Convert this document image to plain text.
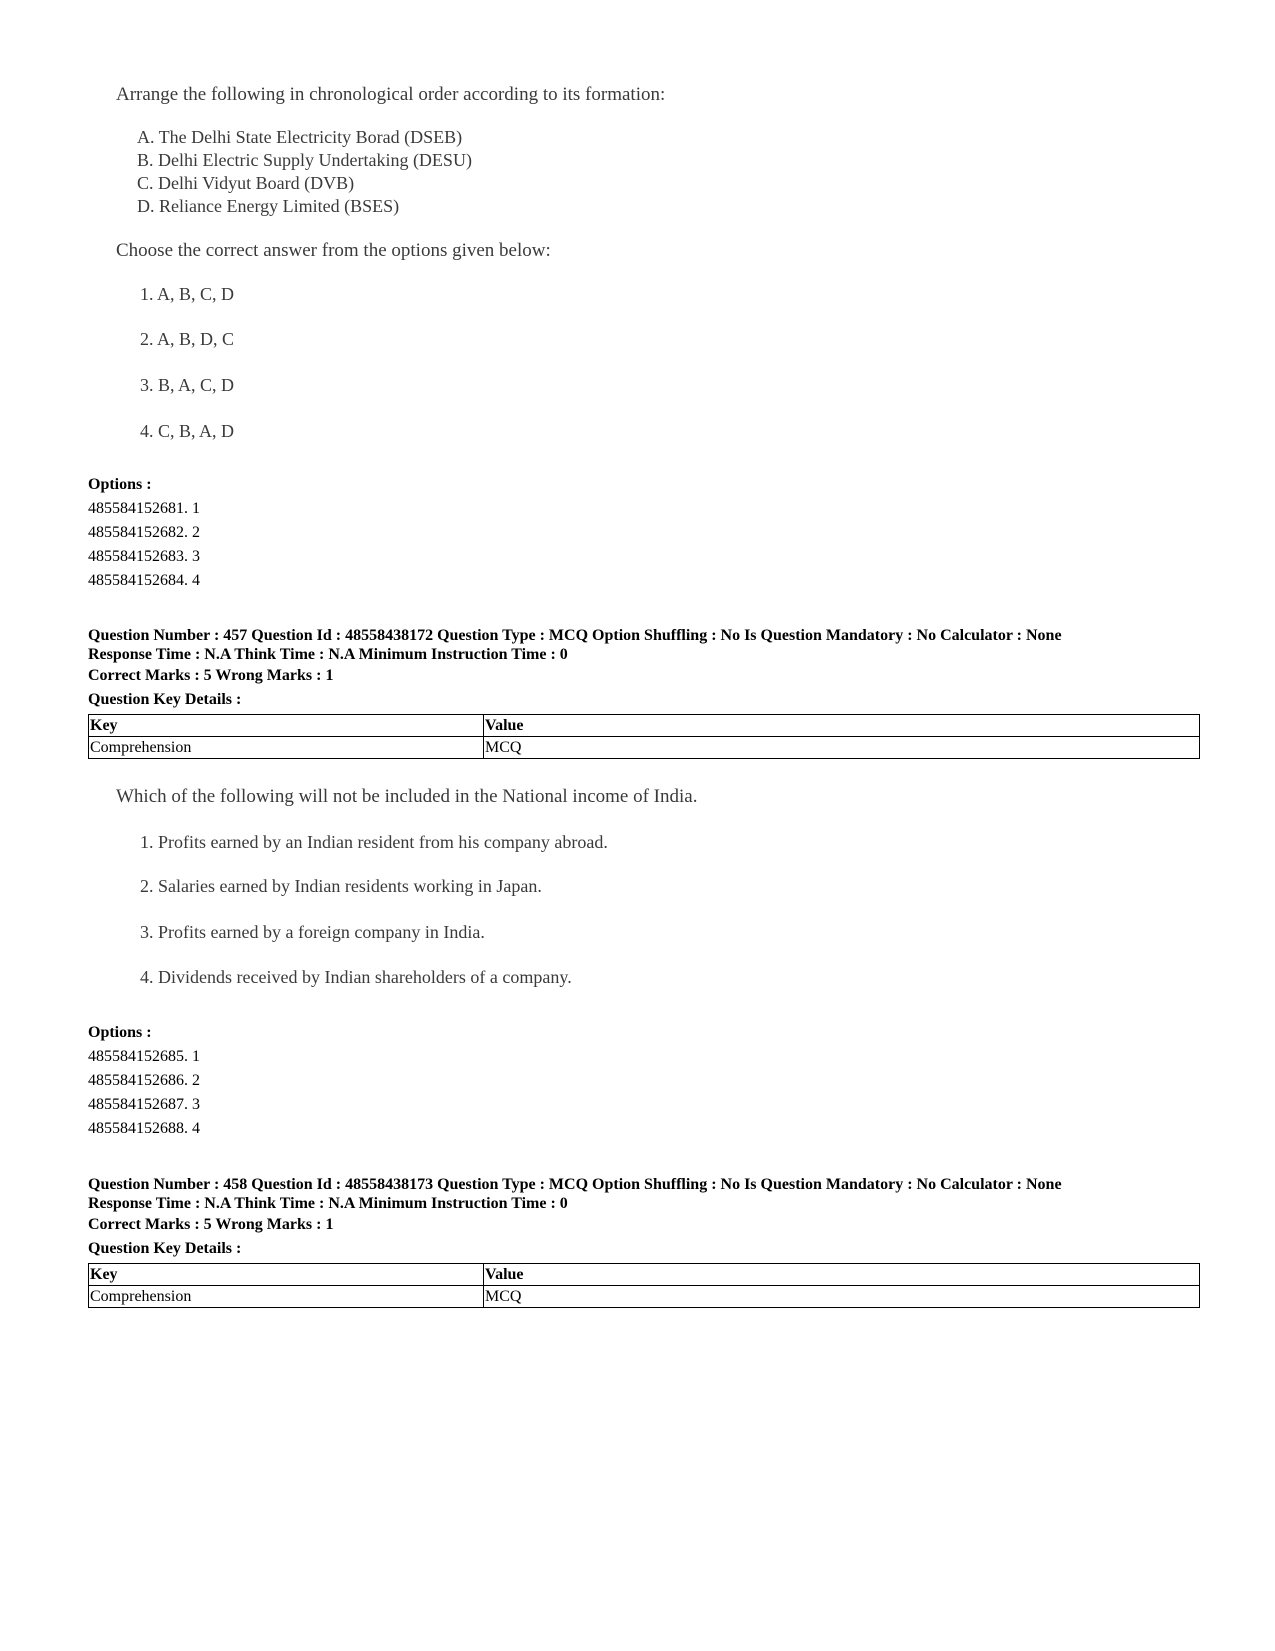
Arrange the following in chronological order according to its formation:
A. The Delhi State Electricity Borad (DSEB)
B. Delhi Electric Supply Undertaking (DESU)
C. Delhi Vidyut Board (DVB)
D. Reliance Energy Limited (BSES)
Choose the correct answer from the options given below:
1. A, B, C, D
2. A, B, D, C
3. B, A, C, D
4. C, B, A, D
Options :
485584152681. 1
485584152682. 2
485584152683. 3
485584152684. 4
Question Number : 457 Question Id : 48558438172 Question Type : MCQ Option Shuffling : No Is Question Mandatory : No Calculator : None
Response Time : N.A Think Time : N.A Minimum Instruction Time : 0
Correct Marks : 5 Wrong Marks : 1
Question Key Details :
Key	Value
Comprehension	MCQ
Which of the following will not be included in the National income of India.
1. Profits earned by an Indian resident from his company abroad.
2. Salaries earned by Indian residents working in Japan.
3. Profits earned by a foreign company in India.
4. Dividends received by Indian shareholders of a company.
Options :
485584152685. 1
485584152686. 2
485584152687. 3
485584152688. 4
Question Number : 458 Question Id : 48558438173 Question Type : MCQ Option Shuffling : No Is Question Mandatory : No Calculator : None
Response Time : N.A Think Time : N.A Minimum Instruction Time : 0
Correct Marks : 5 Wrong Marks : 1
Question Key Details :
Key	Value
Comprehension	MCQ
